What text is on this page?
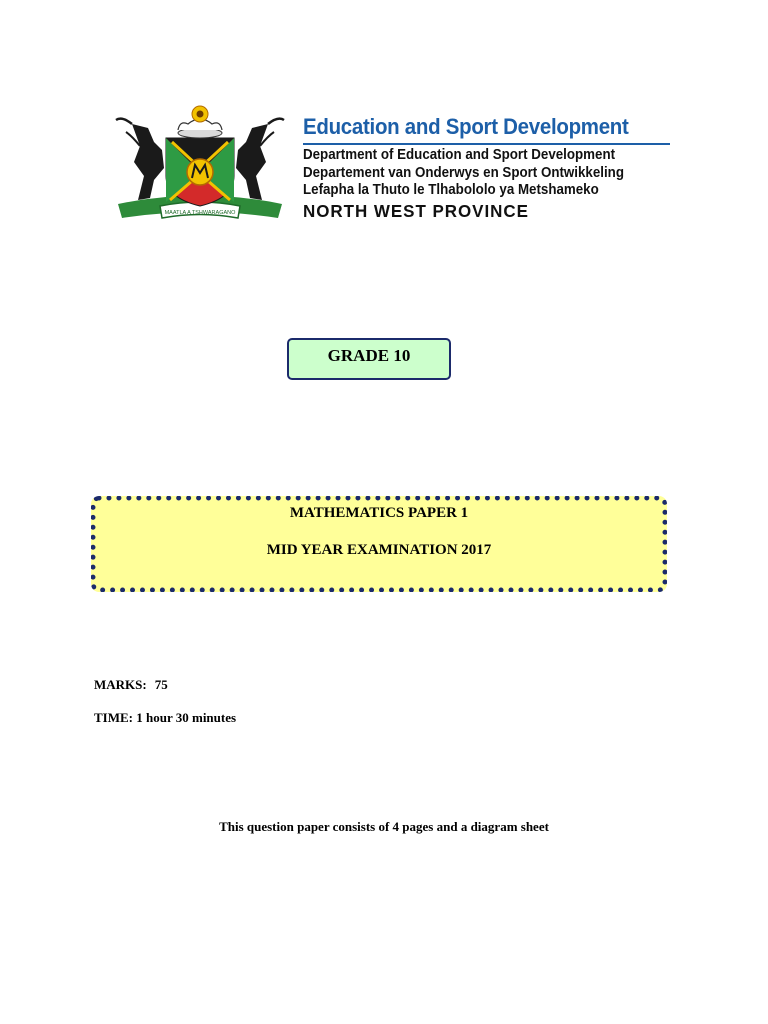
MAATLA A TSHWARAGANO
Education and Sport Development
Department of Education and Sport Development
Departement van Onderwys en Sport Ontwikkeling
Lefapha la Thuto le Tlhabololo ya Metshameko
NORTH WEST PROVINCE
GRADE 10
MATHEMATICS PAPER 1
MID YEAR EXAMINATION 2017
MARKS: 75
TIME: 1 hour 30 minutes
This question paper consists of 4 pages and a diagram sheet
